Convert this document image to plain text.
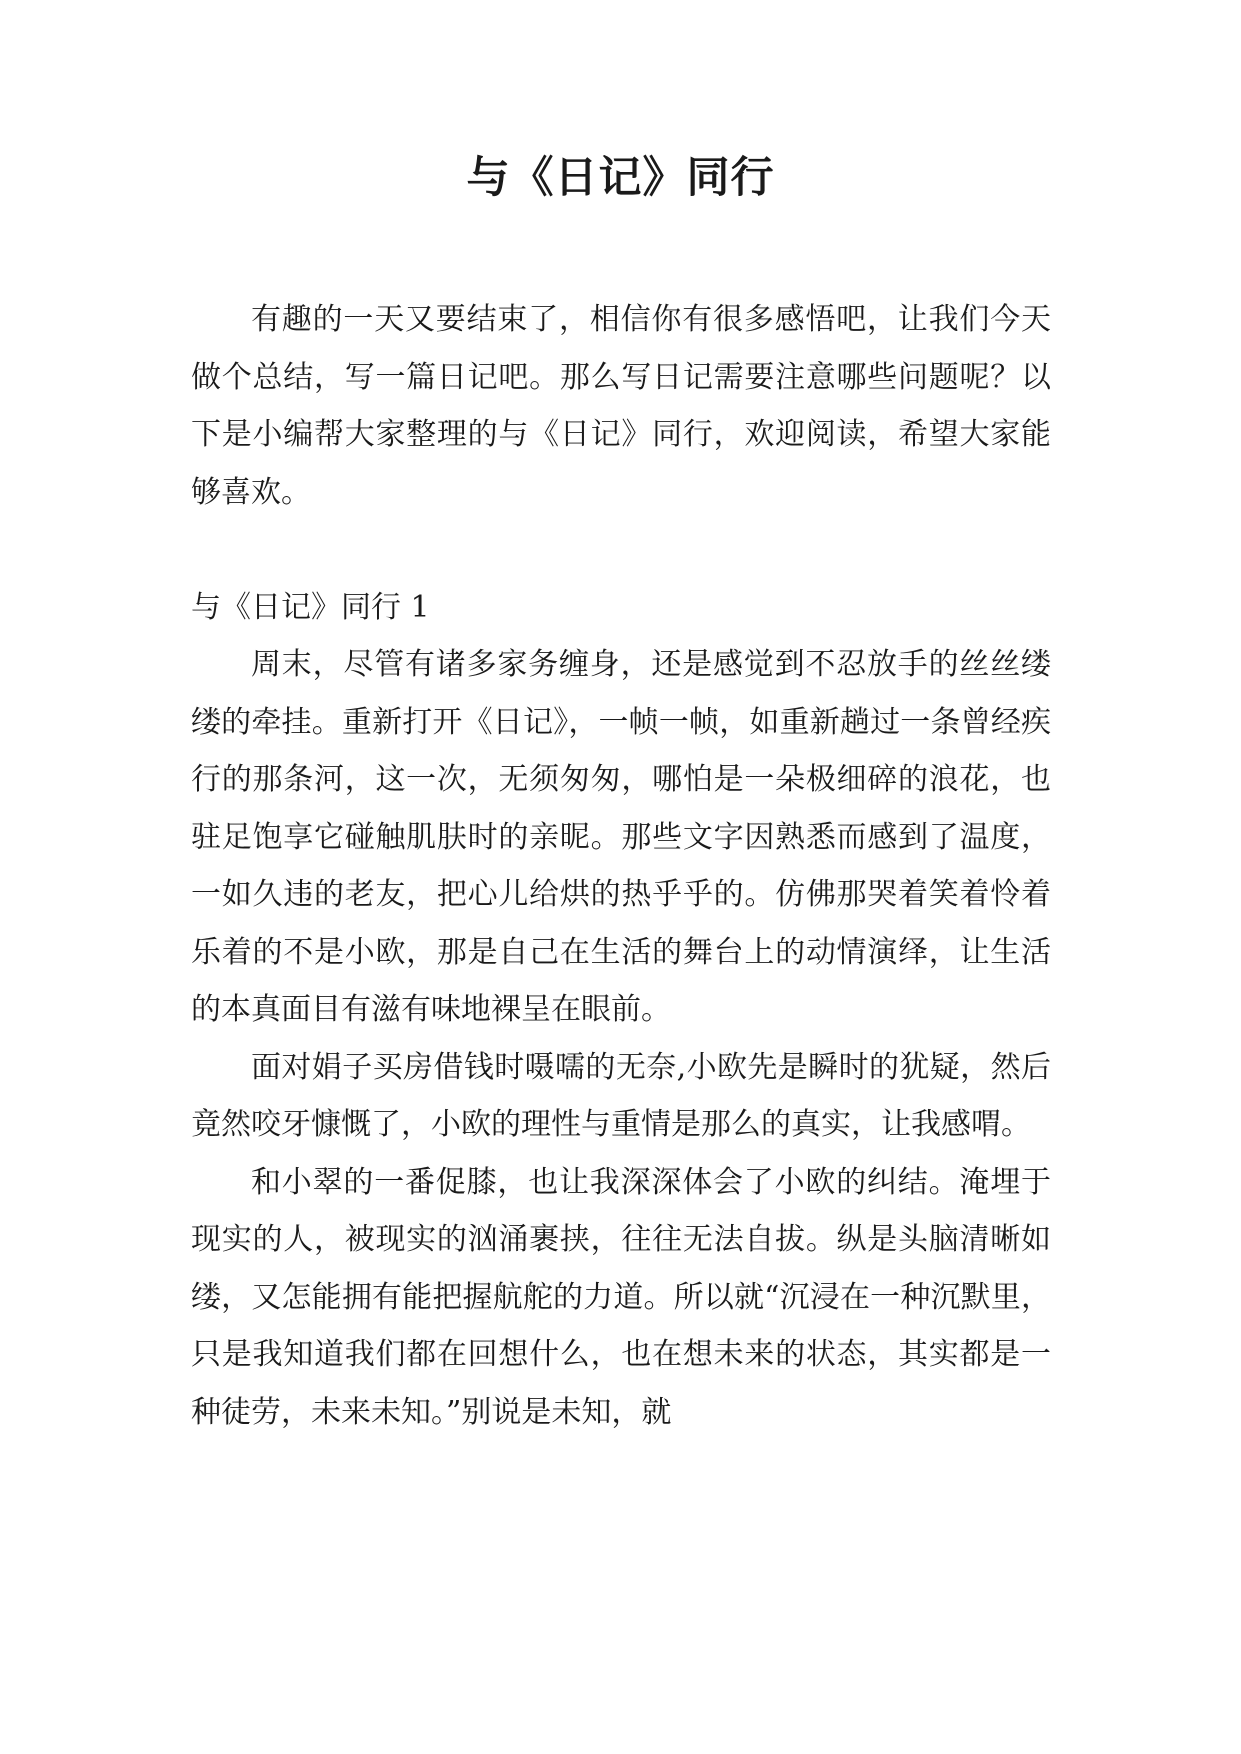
与《日记》同行

有趣的一天又要结束了，相信你有很多感悟吧，让我们今天做个总结，写一篇日记吧。那么写日记需要注意哪些问题呢？以下是小编帮大家整理的与《日记》同行，欢迎阅读，希望大家能够喜欢。

与《日记》同行 1

周末，尽管有诸多家务缠身，还是感觉到不忍放手的丝丝缕缕的牵挂。重新打开《日记》，一帧一帧，如重新趟过一条曾经疾行的那条河，这一次，无须匆匆，哪怕是一朵极细碎的浪花，也驻足饱享它碰触肌肤时的亲昵。那些文字因熟悉而感到了温度，一如久违的老友，把心儿给烘的热乎乎的。仿佛那哭着笑着怜着乐着的不是小欧，那是自己在生活的舞台上的动情演绎，让生活的本真面目有滋有味地裸呈在眼前。

面对娟子买房借钱时嗫嚅的无奈,小欧先是瞬时的犹疑，然后竟然咬牙慷慨了，小欧的理性与重情是那么的真实，让我感喟。

和小翠的一番促膝，也让我深深体会了小欧的纠结。淹埋于现实的人，被现实的汹涌裹挟，往往无法自拔。纵是头脑清晰如缕，又怎能拥有能把握航舵的力道。所以就“沉浸在一种沉默里，只是我知道我们都在回想什么，也在想未来的状态，其实都是一种徒劳，未来未知。”别说是未知，就
